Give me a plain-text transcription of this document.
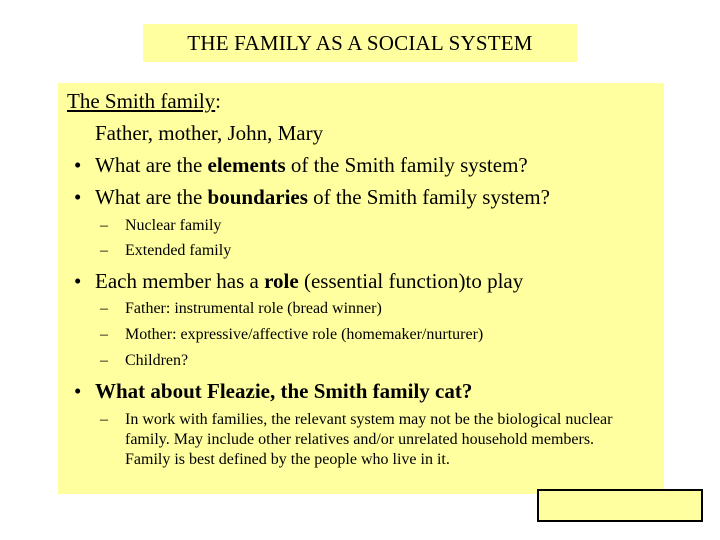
THE FAMILY AS A SOCIAL SYSTEM
The Smith family:
Father, mother, John, Mary
• What are the elements of the Smith family system?
• What are the boundaries of the Smith family system?
– Nuclear family
– Extended family
• Each member has a role (essential function)to play
– Father: instrumental role (bread winner)
– Mother: expressive/affective role (homemaker/nurturer)
– Children?
• What about Fleazie, the Smith family cat?
– In work with families, the relevant system may not be the biological nuclear family. May include other relatives and/or unrelated household members. Family is best defined by the people who live in it.
